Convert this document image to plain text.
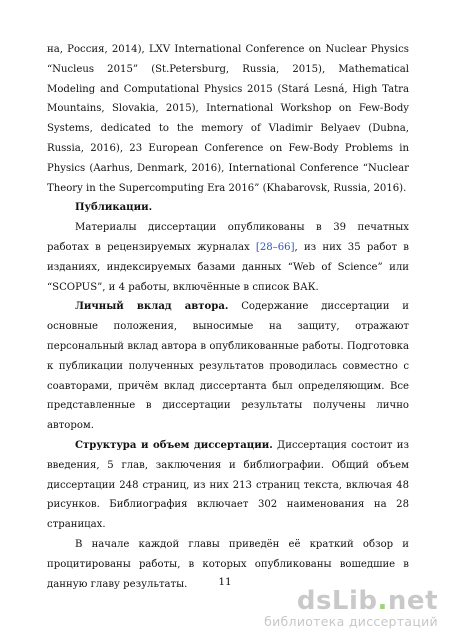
на, Россия, 2014), LXV International Conference on Nuclear Physics “Nucleus 2015” (St.Petersburg, Russia, 2015), Mathematical Modeling and Computational Physics 2015 (Stará Lesná, High Tatra Mountains, Slovakia, 2015), International Workshop on Few-Body Systems, dedicated to the memory of Vladimir Belyaev (Dubna, Russia, 2016), 23 European Conference on Few-Body Problems in Physics (Aarhus, Denmark, 2016), International Conference “Nuclear Theory in the Supercomputing Era 2016” (Khabarovsk, Russia, 2016).

Публикации.

Материалы диссертации опубликованы в 39 печатных работах в рецензируемых журналах [28–66], из них 35 работ в изданиях, индексируемых базами данных “Web of Science” или “SCOPUS”, и 4 работы, включённые в список ВАК.

Личный вклад автора. Содержание диссертации и основные положения, выносимые на защиту, отражают персональный вклад автора в опубликованные работы. Подготовка к публикации полученных результатов проводилась совместно с соавторами, причём вклад диссертанта был определяющим. Все представленные в диссертации результаты получены лично автором.

Структура и объем диссертации. Диссертация состоит из введения, 5 глав, заключения и библиографии. Общий объем диссертации 248 страниц, из них 213 страниц текста, включая 48 рисунков. Библиография включает 302 наименования на 28 страницах.

В начале каждой главы приведён её краткий обзор и процитированы работы, в которых опубликованы вошедшие в данную главу результаты.	11
dsLib.net
библиотека диссертаций
